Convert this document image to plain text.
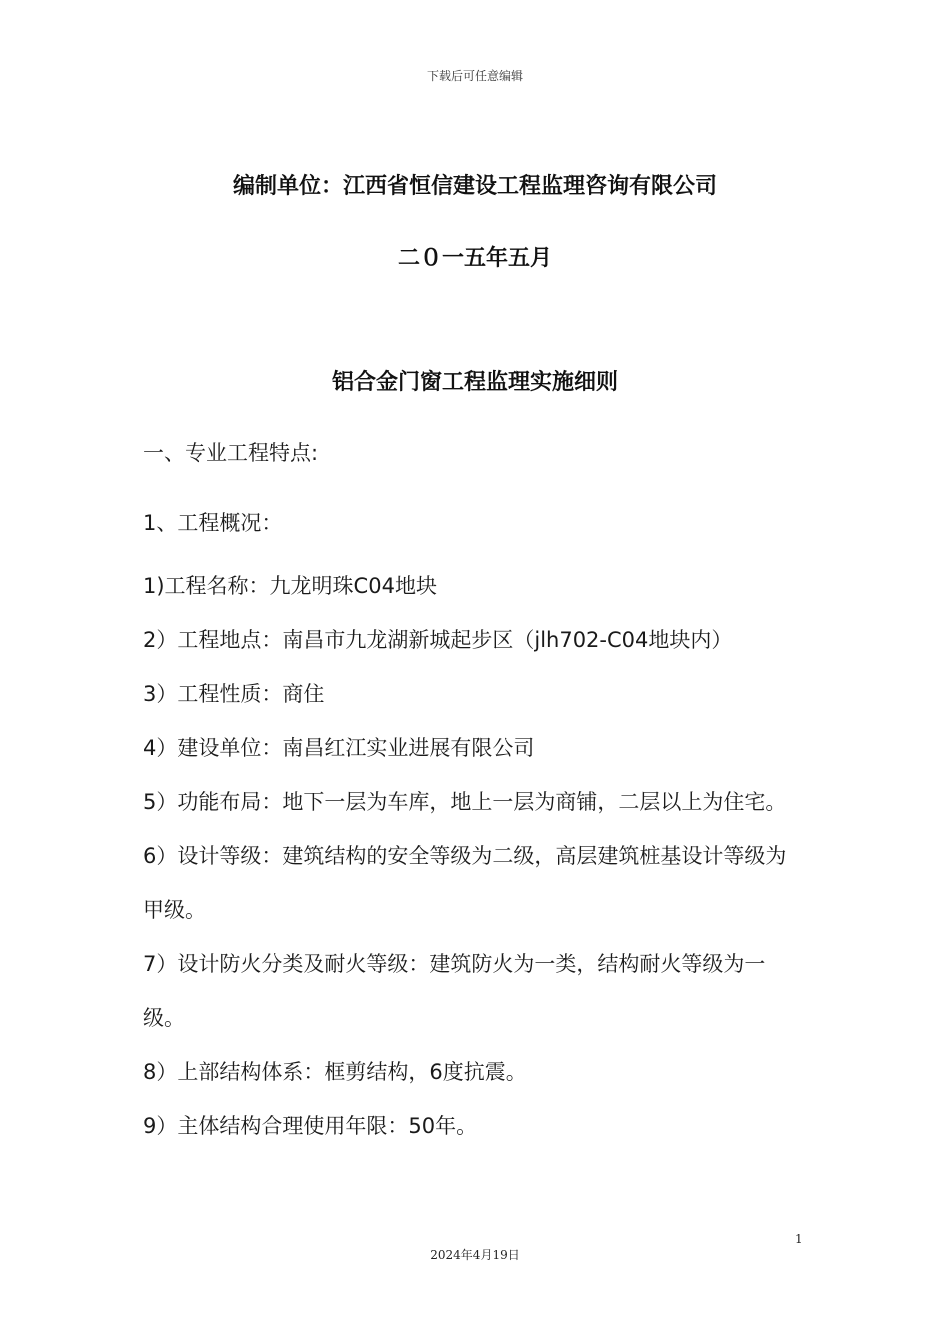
下载后可任意编辑
编制单位：江西省恒信建设工程监理咨询有限公司
二０一五年五月
铝合金门窗工程监理实施细则
一、专业工程特点:
1、工程概况：
1)工程名称：九龙明珠C04地块
2）工程地点：南昌市九龙湖新城起步区（jlh702-C04地块内）
3）工程性质：商住
4）建设单位：南昌红江实业进展有限公司
5）功能布局：地下一层为车库，地上一层为商铺，二层以上为住宅。
6）设计等级：建筑结构的安全等级为二级，高层建筑桩基设计等级为甲级。
7）设计防火分类及耐火等级：建筑防火为一类，结构耐火等级为一级。
8）上部结构体系：框剪结构，6度抗震。
9）主体结构合理使用年限：50年。
1
2024年4月19日
